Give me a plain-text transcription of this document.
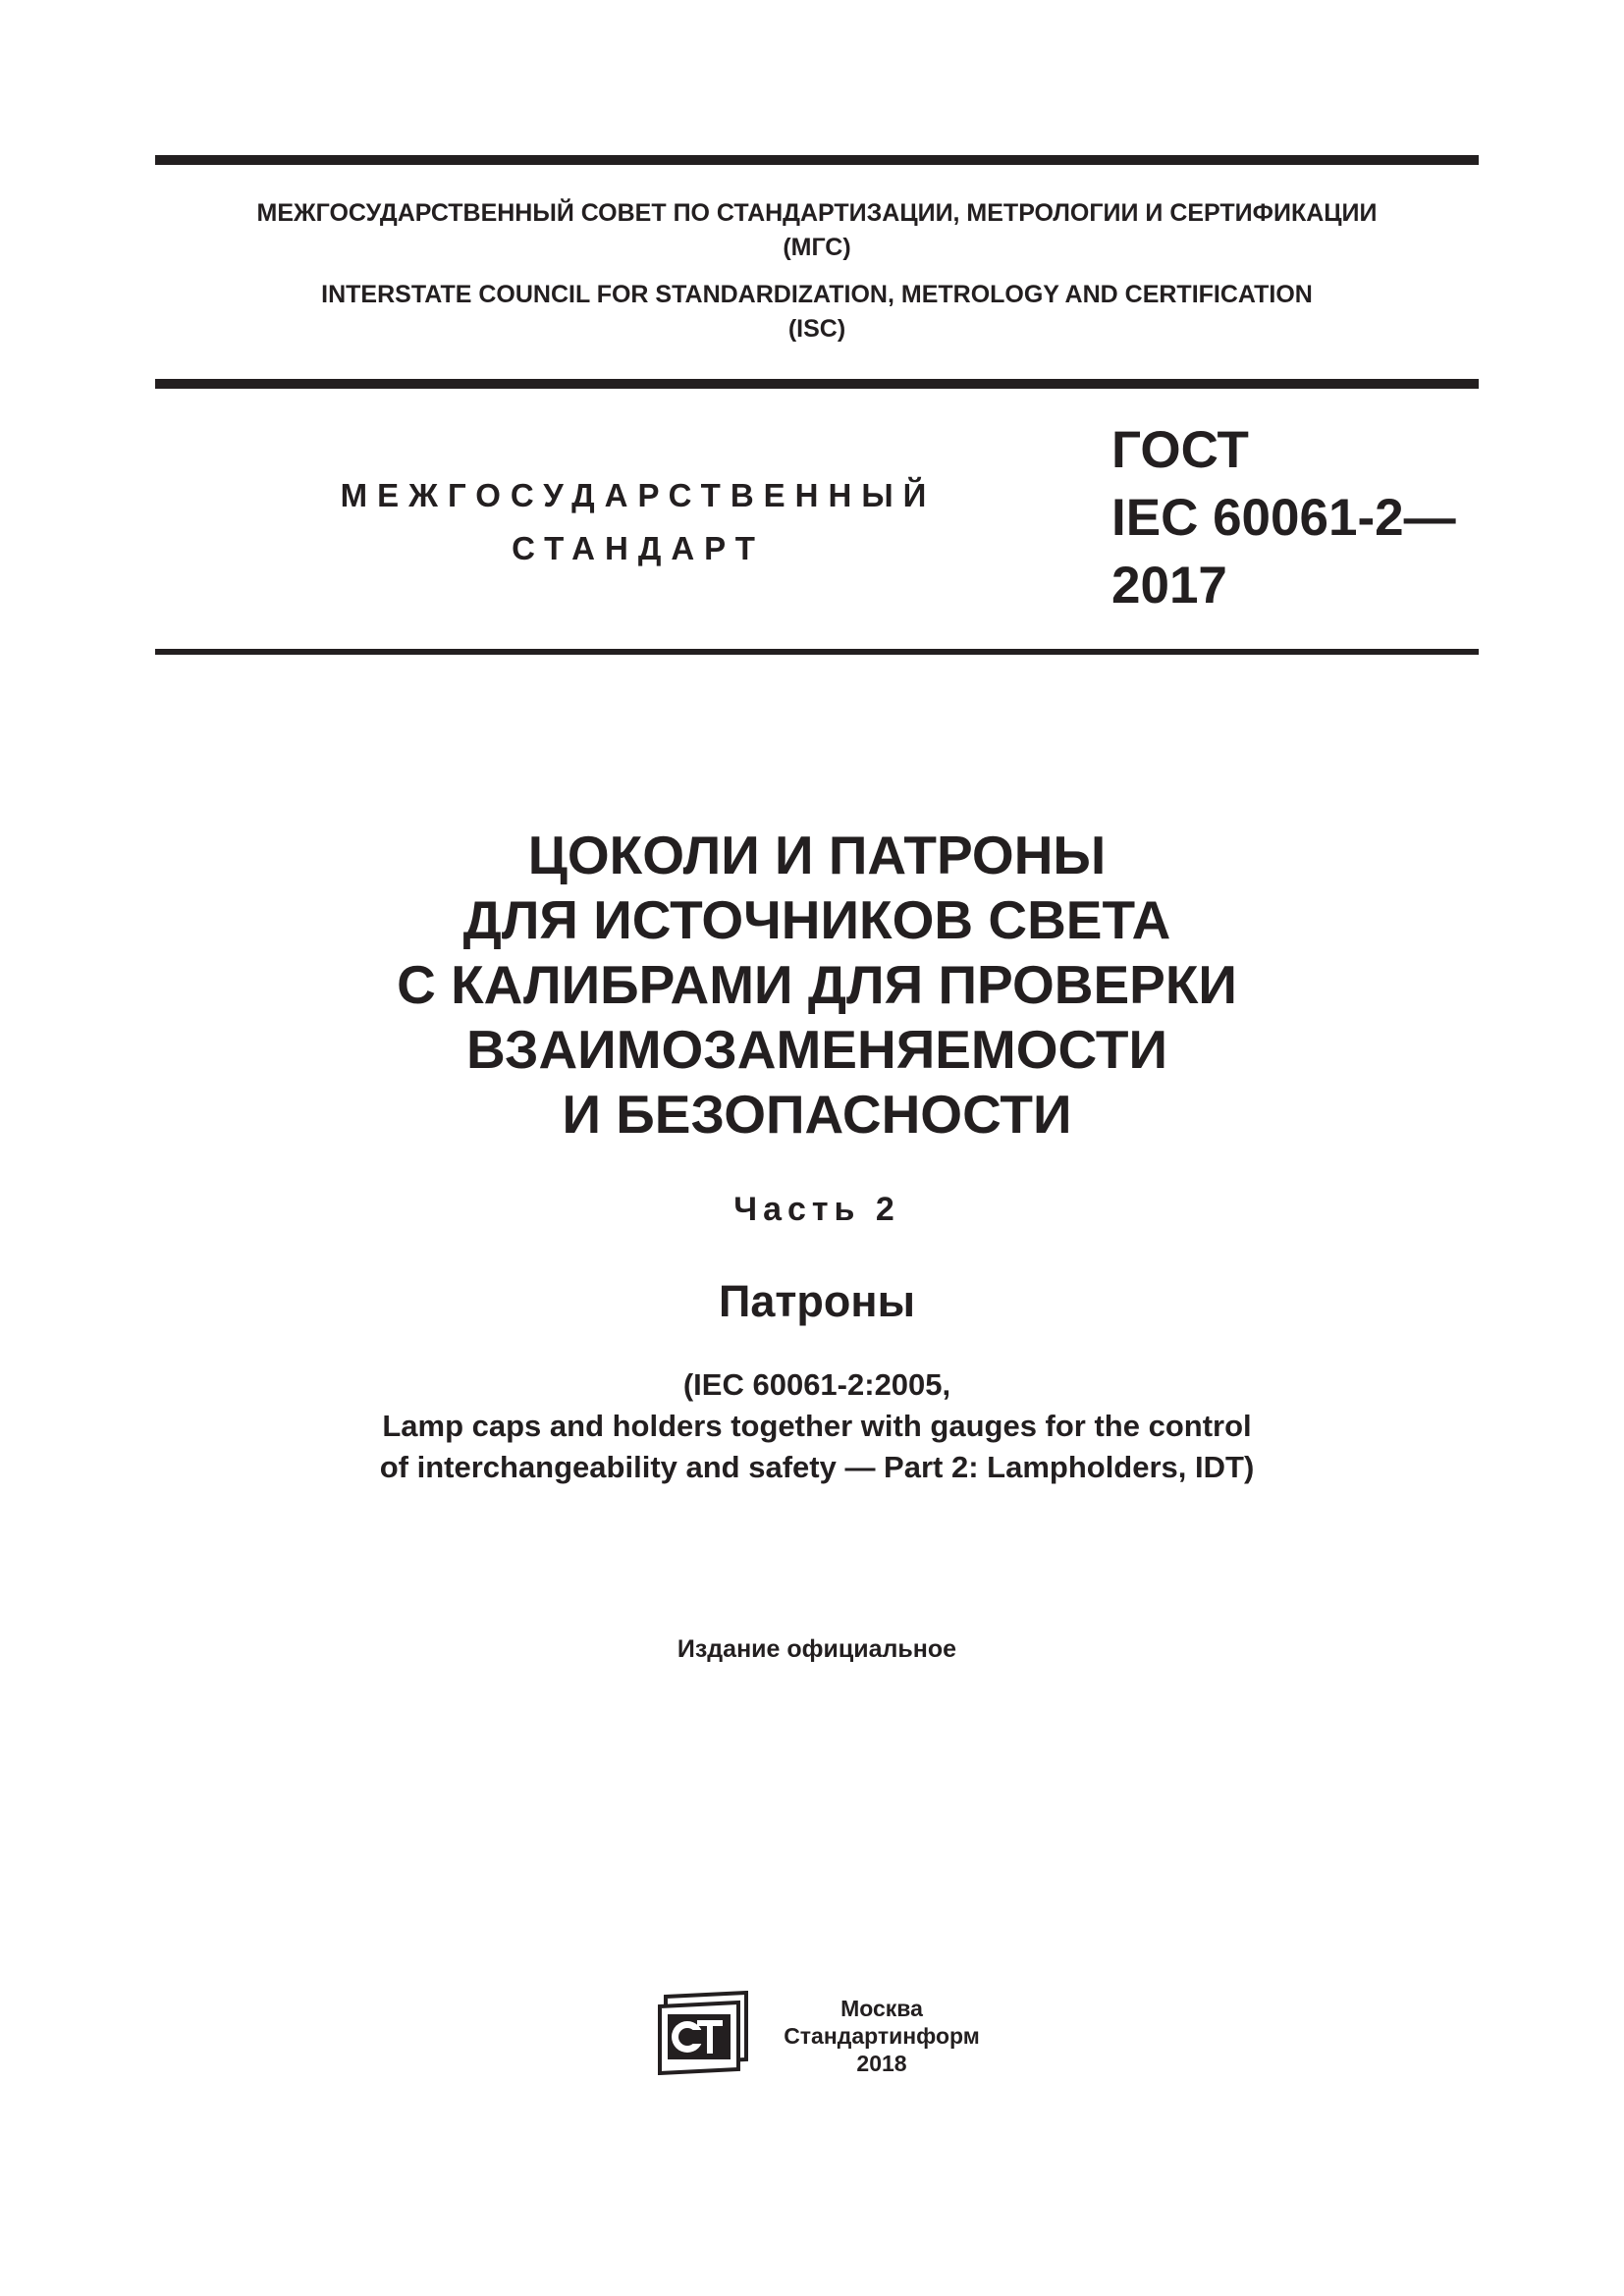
МЕЖГОСУДАРСТВЕННЫЙ СОВЕТ ПО СТАНДАРТИЗАЦИИ, МЕТРОЛОГИИ И СЕРТИФИКАЦИИ
(МГС)
INTERSTATE COUNCIL FOR STANDARDIZATION, METROLOGY AND CERTIFICATION
(ISC)
МЕЖГОСУДАРСТВЕННЫЙ
СТАНДАРТ
ГОСТ
IEC 60061-2—
2017
ЦОКОЛИ И ПАТРОНЫ
ДЛЯ ИСТОЧНИКОВ СВЕТА
С КАЛИБРАМИ ДЛЯ ПРОВЕРКИ
ВЗАИМОЗАМЕНЯЕМОСТИ
И БЕЗОПАСНОСТИ
Часть 2
Патроны
(IEC 60061-2:2005,
Lamp caps and holders together with gauges for the control
of interchangeability and safety — Part 2: Lampholders, IDT)
Издание официальное
Москва
Стандартинформ
2018
